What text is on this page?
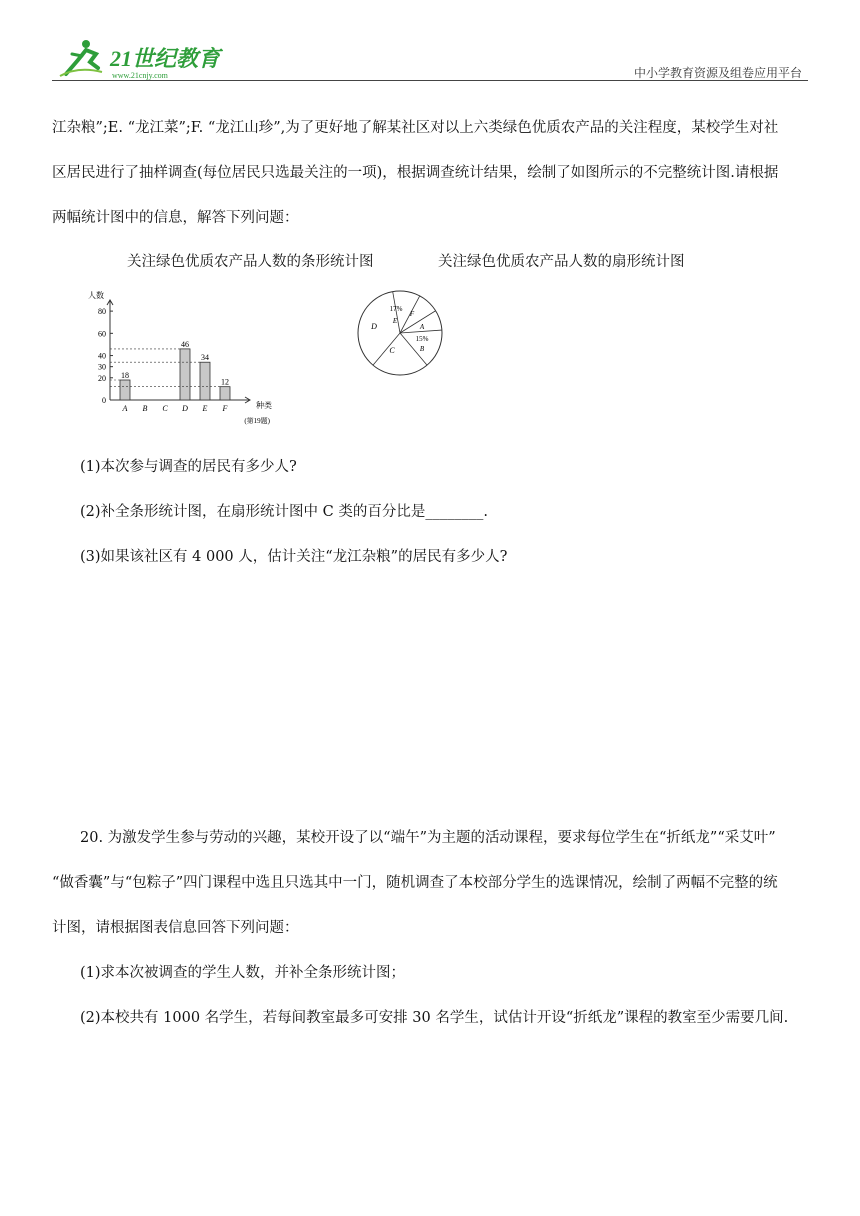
21世纪教育
www.21cnjy.com	中小学教育资源及组卷应用平台
江杂粮”;E. “龙江菜”;F. “龙江山珍”,为了更好地了解某社区对以上六类绿色优质农产品的关注程度，某校学生对社
区居民进行了抽样调查(每位居民只选最关注的一项)，根据调查统计结果，绘制了如图所示的不完整统计图.请根据
两幅统计图中的信息，解答下列问题：
关注绿色优质农产品人数的条形统计图	关注绿色优质农产品人数的扇形统计图
人数
种类
0
20
30
40
60
80
A
18
B C D
46
E
34
F
12
(第19题)
17%
E
F
A
15%
B
C
D
(1)本次参与调查的居民有多少人?
(2)补全条形统计图，在扇形统计图中 C 类的百分比是________.
(3)如果该社区有 4 000 人，估计关注“龙江杂粮”的居民有多少人?
20. 为激发学生参与劳动的兴趣，某校开设了以“端午”为主题的活动课程，要求每位学生在“折纸龙”“采艾叶”
“做香囊”与“包粽子”四门课程中选且只选其中一门，随机调查了本校部分学生的选课情况，绘制了两幅不完整的统
计图，请根据图表信息回答下列问题：
(1)求本次被调查的学生人数，并补全条形统计图；
(2)本校共有 1000 名学生，若每间教室最多可安排 30 名学生，试估计开设“折纸龙”课程的教室至少需要几间.
